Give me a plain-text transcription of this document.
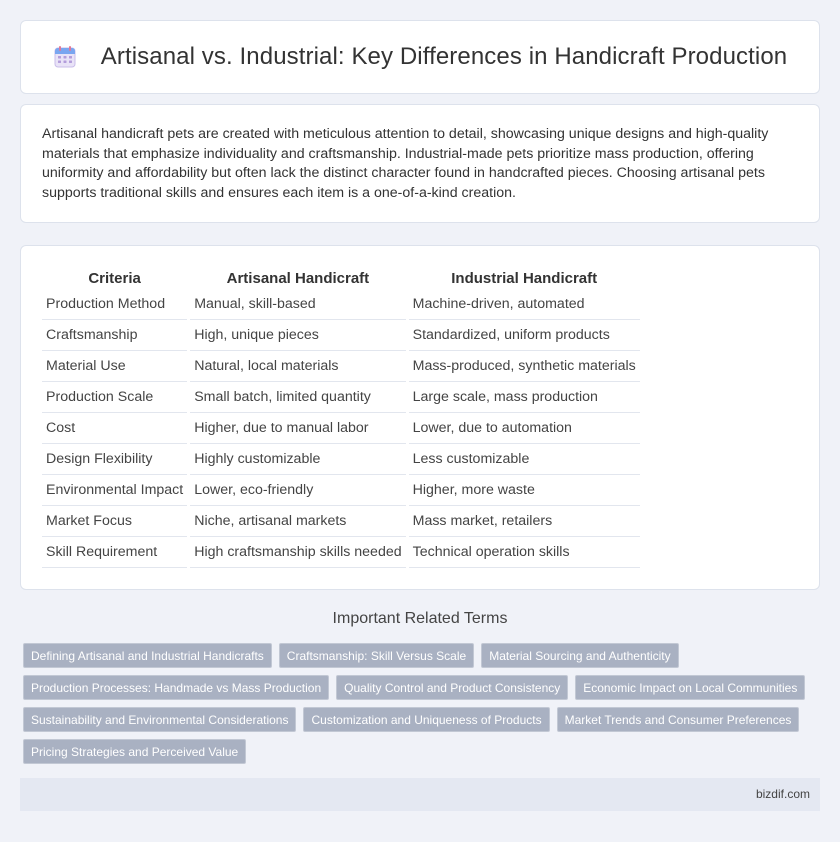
Artisanal vs. Industrial: Key Differences in Handicraft Production

Artisanal handicraft pets are created with meticulous attention to detail, showcasing unique designs and high-quality materials that emphasize individuality and craftsmanship. Industrial-made pets prioritize mass production, offering uniformity and affordability but often lack the distinct character found in handcrafted pieces. Choosing artisanal pets supports traditional skills and ensures each item is a one-of-a-kind creation.

Criteria	Artisanal Handicraft	Industrial Handicraft
Production Method	Manual, skill-based	Machine-driven, automated
Craftsmanship	High, unique pieces	Standardized, uniform products
Material Use	Natural, local materials	Mass-produced, synthetic materials
Production Scale	Small batch, limited quantity	Large scale, mass production
Cost	Higher, due to manual labor	Lower, due to automation
Design Flexibility	Highly customizable	Less customizable
Environmental Impact	Lower, eco-friendly	Higher, more waste
Market Focus	Niche, artisanal markets	Mass market, retailers
Skill Requirement	High craftsmanship skills needed	Technical operation skills
Important Related Terms
Defining Artisanal and Industrial Handicrafts	Craftsmanship: Skill Versus Scale	Material Sourcing and Authenticity
Production Processes: Handmade vs Mass Production	Quality Control and Product Consistency	Economic Impact on Local Communities
Sustainability and Environmental Considerations	Customization and Uniqueness of Products	Market Trends and Consumer Preferences
Pricing Strategies and Perceived Value
bizdif.com
